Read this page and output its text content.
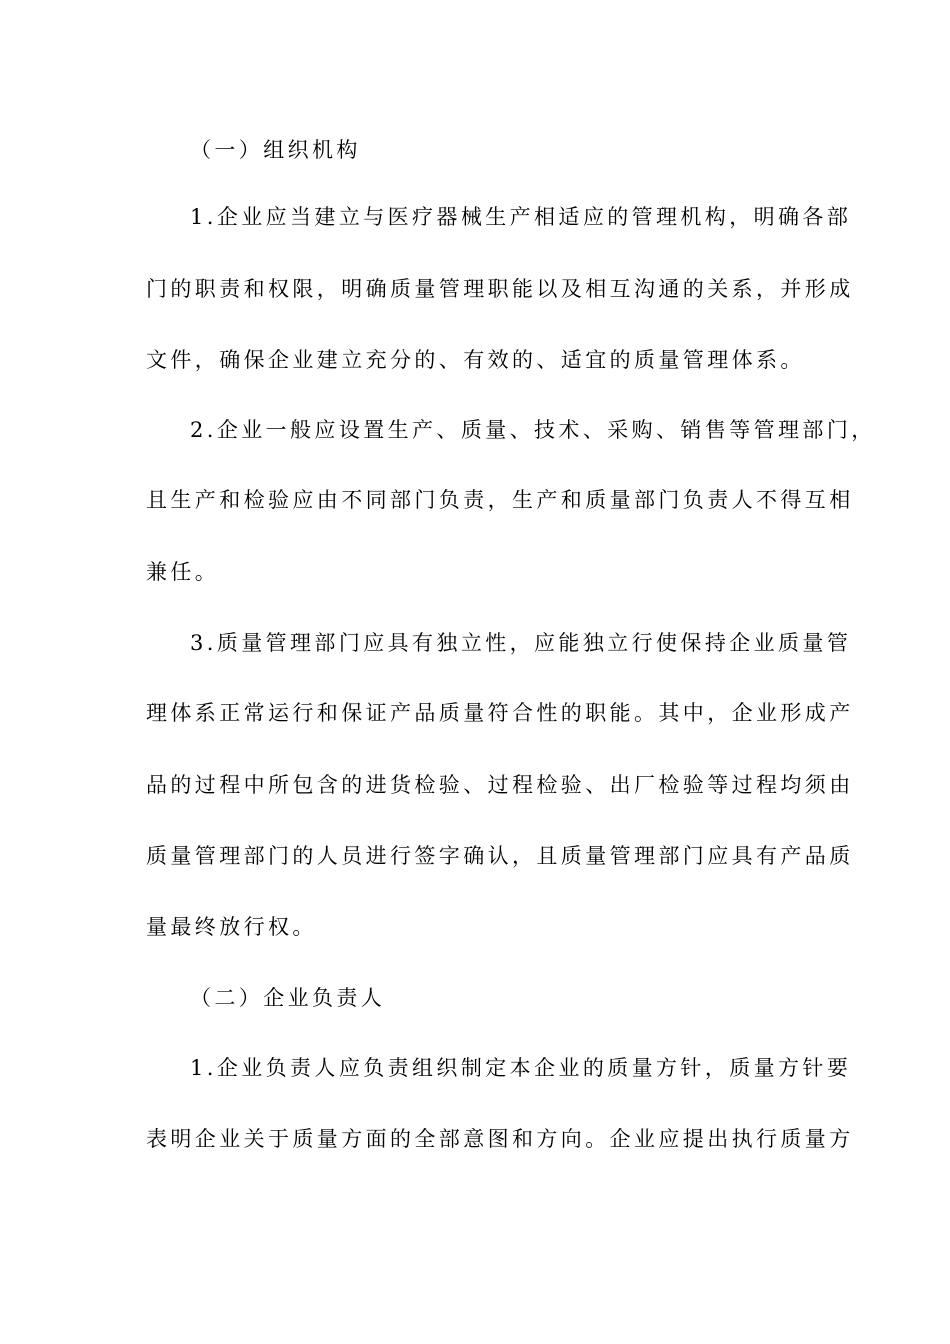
（一）组织机构
1.企业应当建立与医疗器械生产相适应的管理机构，明确各部
门的职责和权限，明确质量管理职能以及相互沟通的关系，并形成
文件，确保企业建立充分的、有效的、适宜的质量管理体系。
2.企业一般应设置生产、质量、技术、采购、销售等管理部门，
且生产和检验应由不同部门负责，生产和质量部门负责人不得互相
兼任。
3.质量管理部门应具有独立性，应能独立行使保持企业质量管
理体系正常运行和保证产品质量符合性的职能。其中，企业形成产
品的过程中所包含的进货检验、过程检验、出厂检验等过程均须由
质量管理部门的人员进行签字确认，且质量管理部门应具有产品质
量最终放行权。
（二）企业负责人
1.企业负责人应负责组织制定本企业的质量方针，质量方针要
表明企业关于质量方面的全部意图和方向。企业应提出执行质量方
